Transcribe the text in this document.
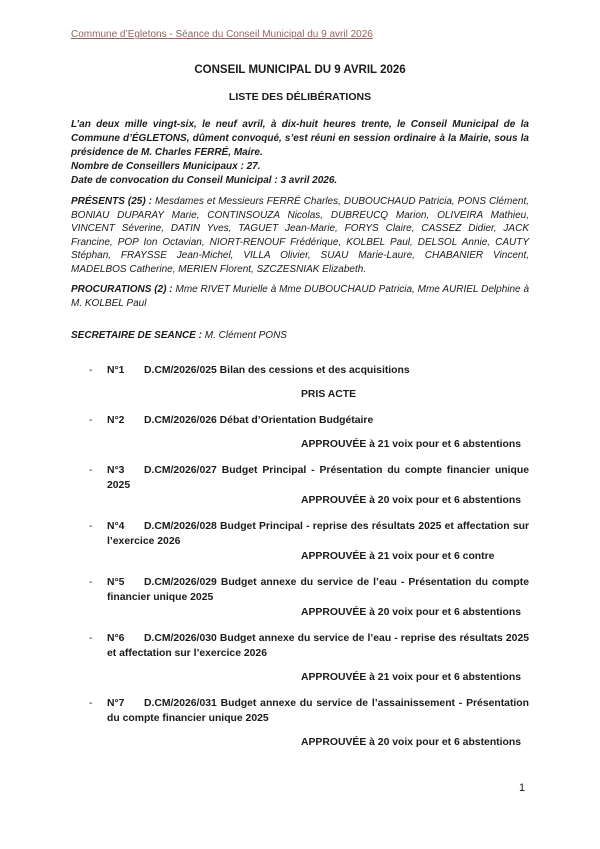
Commune d’Egletons - Séance du Conseil Municipal du 9 avril 2026

CONSEIL MUNICIPAL DU 9 AVRIL 2026

LISTE DES DÉLIBÉRATIONS

L’an deux mille vingt-six, le neuf avril, à dix-huit heures trente, le Conseil Municipal de la Commune d’ÉGLETONS, dûment convoqué, s’est réuni en session ordinaire à la Mairie, sous la présidence de M. Charles FERRÉ, Maire.
Nombre de Conseillers Municipaux : 27.
Date de convocation du Conseil Municipal : 3 avril 2026.

PRÉSENTS (25) : Mesdames et Messieurs FERRÉ Charles, DUBOUCHAUD Patricia, PONS Clément, BONIAU DUPARAY Marie, CONTINSOUZA Nicolas, DUBREUCQ Marion, OLIVEIRA Mathieu, VINCENT Séverine, DATIN Yves, TAGUET Jean-Marie, FORYS Claire, CASSEZ Didier, JACK Francine, POP Ion Octavian, NIORT-RENOUF Frédérique, KOLBEL Paul, DELSOL Annie, CAUTY Stéphan, FRAYSSE Jean-Michel, VILLA Olivier, SUAU Marie-Laure, CHABANIER Vincent, MADELBOS Catherine, MERIEN Florent, SZCZESNIAK Elizabeth.

PROCURATIONS (2) : Mme RIVET Murielle à Mme DUBOUCHAUD Patricia, Mme AURIEL Delphine à M. KOLBEL Paul

SECRETAIRE DE SEANCE : M. Clément PONS

- N°1 D.CM/2026/025 Bilan des cessions et des acquisitions

PRIS ACTE

- N°2 D.CM/2026/026 Débat d’Orientation Budgétaire

APPROUVÉE à 21 voix pour et 6 abstentions

- N°3 D.CM/2026/027 Budget Principal - Présentation du compte financier unique 2025

APPROUVÉE à 20 voix pour et 6 abstentions

- N°4 D.CM/2026/028 Budget Principal - reprise des résultats 2025 et affectation sur l’exercice 2026

APPROUVÉE à 21 voix pour et 6 contre

- N°5 D.CM/2026/029 Budget annexe du service de l’eau - Présentation du compte financier unique 2025

APPROUVÉE à 20 voix pour et 6 abstentions

- N°6 D.CM/2026/030 Budget annexe du service de l’eau - reprise des résultats 2025 et affectation sur l’exercice 2026

APPROUVÉE à 21 voix pour et 6 abstentions

- N°7 D.CM/2026/031 Budget annexe du service de l’assainissement - Présentation du compte financier unique 2025

APPROUVÉE à 20 voix pour et 6 abstentions

1
